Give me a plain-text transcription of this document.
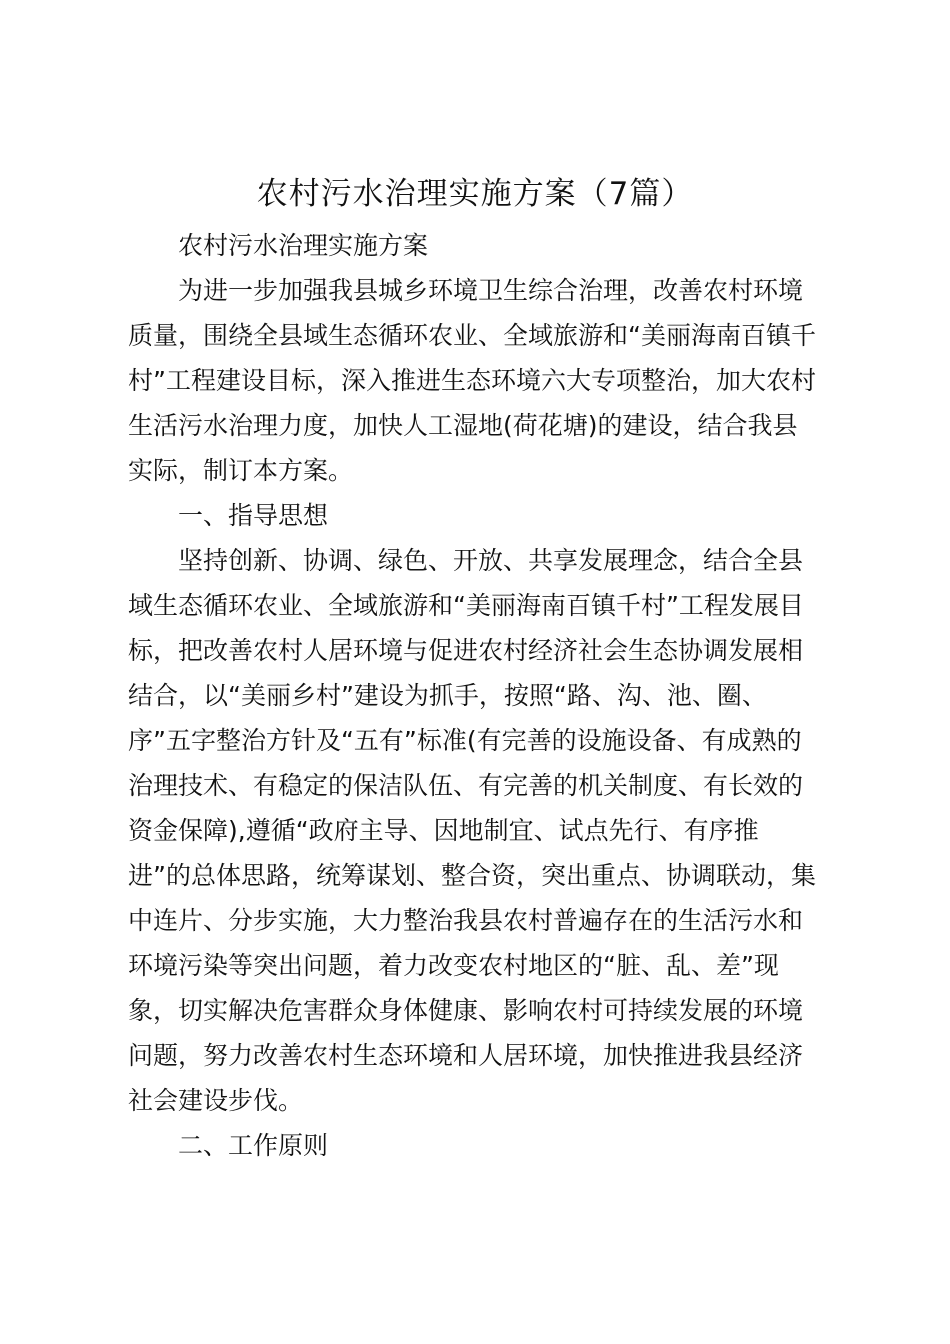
农村污水治理实施方案（7篇）

农村污水治理实施方案

为进一步加强我县城乡环境卫生综合治理，改善农村环境

质量，围绕全县域生态循环农业、全域旅游和“美丽海南百镇千

村”工程建设目标，深入推进生态环境六大专项整治，加大农村

生活污水治理力度，加快人工湿地(荷花塘)的建设，结合我县

实际，制订本方案。

一、指导思想

坚持创新、协调、绿色、开放、共享发展理念，结合全县

域生态循环农业、全域旅游和“美丽海南百镇千村”工程发展目

标，把改善农村人居环境与促进农村经济社会生态协调发展相

结合，以“美丽乡村”建设为抓手，按照“路、沟、池、圈、

序”五字整治方针及“五有”标准(有完善的设施设备、有成熟的

治理技术、有稳定的保洁队伍、有完善的机关制度、有长效的

资金保障),遵循“政府主导、因地制宜、试点先行、有序推

进”的总体思路，统筹谋划、整合资，突出重点、协调联动，集

中连片、分步实施，大力整治我县农村普遍存在的生活污水和

环境污染等突出问题，着力改变农村地区的“脏、乱、差”现

象，切实解决危害群众身体健康、影响农村可持续发展的环境

问题，努力改善农村生态环境和人居环境，加快推进我县经济

社会建设步伐。

二、工作原则
